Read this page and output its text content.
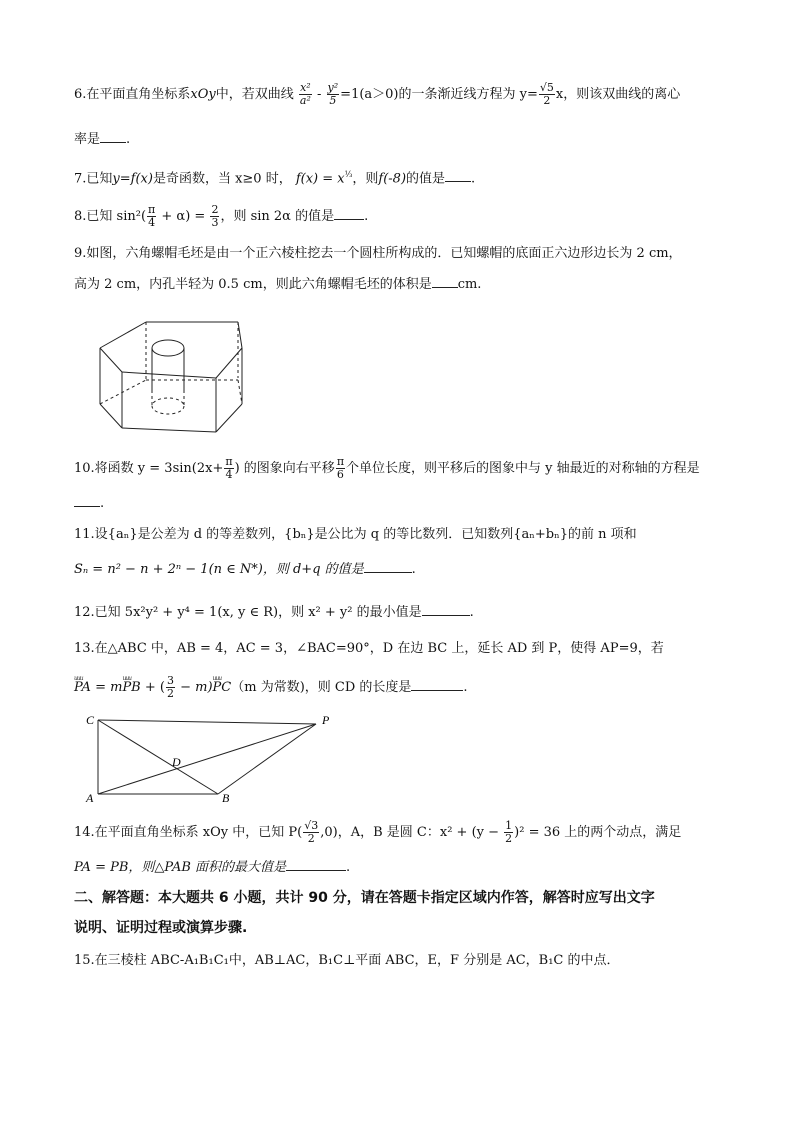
6.在平面直角坐标系xOy中，若双曲线 $\frac{\text{x²}}{\text{a²}} - \frac{\text{y²}}{5} =1(a>0)$的一条渐近线方程为 $y= \frac{√5}{2}$ x，则该双曲线的离心
率是 .
7.已知y=f(x)是奇函数，当 x≥0 时， $f(x) = x^{\frac{1}{3}}$，则f(-8)的值是 .
8.已知 $\sin^2( \frac{\pi}{4} + \alpha) = \frac{2}{3}$ ，则 sin 2α 的值是 .
9.如图，六角螺帽毛坯是由一个正六棱柱挖去一个圆柱所构成的．已知螺帽的底面正六边形边长为 2 cm，
高为 2 cm，内孔半轻为 0.5 cm，则此六角螺帽毛坯的体积是 cm.
10.将函数 $y = 3\sin(2x+ \frac{\pi}{4}$ ) 的图象向右平移 $\frac{\pi}{6}$ 个单位长度，则平移后的图象中与 y 轴最近的对称轴的方程是
.
11.设{aₙ}是公差为 d 的等差数列，{bₙ}是公比为 q 的等比数列．已知数列{aₙ+bₙ}的前 n 项和
Sₙ = n² − n + 2ⁿ − 1(n ∈ N*)，则 d+q 的值是	.
12.已知 5x²y² + y⁴ = 1(x, y ∈ R)，则 x² + y² 的最小值是	.
13.在△ABC 中，AB = 4，AC = 3，∠BAC=90°，D 在边 BC 上，延长 AD 到 P，使得 AP=9，若
uuu PA = muuu PB + ( $\frac{3}{2} - m)uuu$ PC（m 为常数)，则 CD 的长度是	.
C	P
D
A	B
14.在平面直角坐标系 xOy 中，已知 $P( \frac{√3}{2} ,0)$，A，B 是圆 C：$x^2 + (y - \frac{1}{2} )^2 = 36$ 上的两个动点，满足
PA = PB，则△PAB 面积的最大值是	.
二、解答题：本大题共 6 小题，共计 90 分，请在答题卡指定区域内作答，解答时应写出文字
说明、证明过程或演算步骤.
15.在三棱柱 ABC-A₁B₁C₁中，AB⊥AC，B₁C⊥平面 ABC，E，F 分别是 AC，B₁C 的中点．
